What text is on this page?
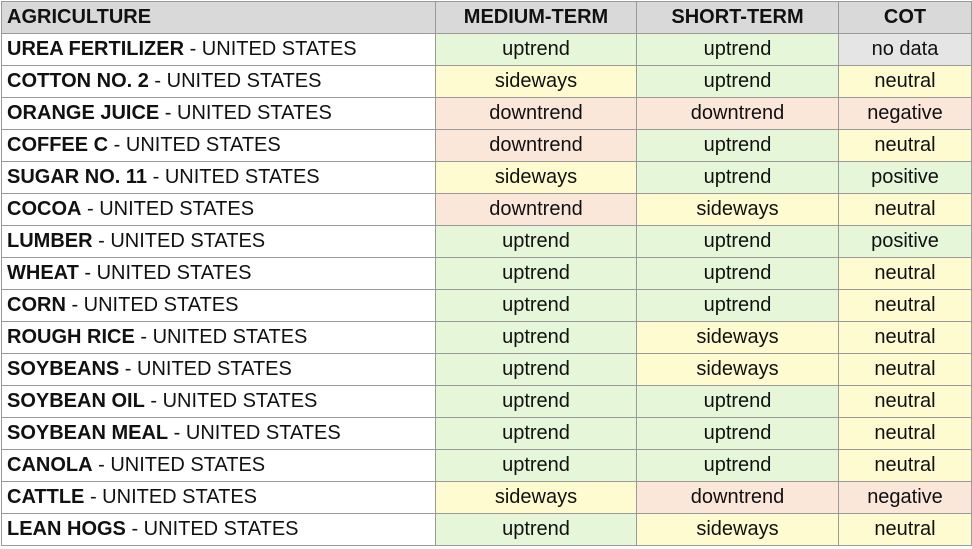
AGRICULTURE	MEDIUM-TERM	SHORT-TERM	COT
UREA FERTILIZER - UNITED STATES	uptrend	uptrend	no data
COTTON NO. 2 - UNITED STATES	sideways	uptrend	neutral
ORANGE JUICE - UNITED STATES	downtrend	downtrend	negative
COFFEE C - UNITED STATES	downtrend	uptrend	neutral
SUGAR NO. 11 - UNITED STATES	sideways	uptrend	positive
COCOA - UNITED STATES	downtrend	sideways	neutral
LUMBER - UNITED STATES	uptrend	uptrend	positive
WHEAT - UNITED STATES	uptrend	uptrend	neutral
CORN - UNITED STATES	uptrend	uptrend	neutral
ROUGH RICE - UNITED STATES	uptrend	sideways	neutral
SOYBEANS - UNITED STATES	uptrend	sideways	neutral
SOYBEAN OIL - UNITED STATES	uptrend	uptrend	neutral
SOYBEAN MEAL - UNITED STATES	uptrend	uptrend	neutral
CANOLA - UNITED STATES	uptrend	uptrend	neutral
CATTLE - UNITED STATES	sideways	downtrend	negative
LEAN HOGS - UNITED STATES	uptrend	sideways	neutral
